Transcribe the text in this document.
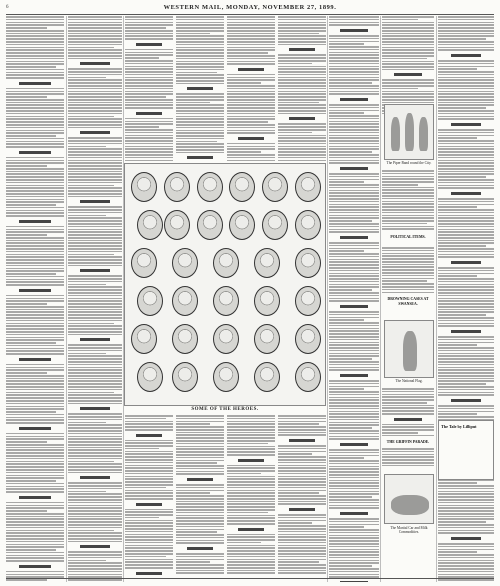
6	WESTERN MAIL, MONDAY, NOVEMBER 27, 1899.
SOME OF THE HEROES.
The Piper Band round the City.
POLITICAL ITEMS.
DROWNING CASES AT SWANSEA.
The National Flag.
THE GRIFFIN PARADE.
The Martial Car and Milk Commodities.
The Tale by Lilliput
